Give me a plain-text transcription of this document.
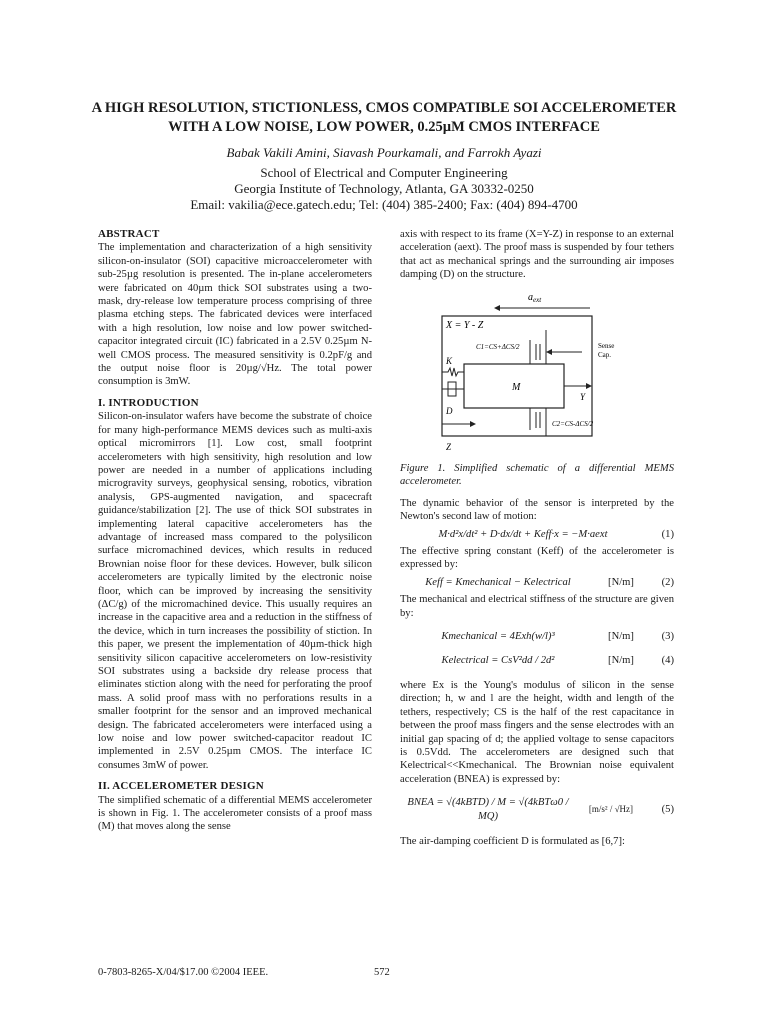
A HIGH RESOLUTION, STICTIONLESS, CMOS COMPATIBLE SOI ACCELEROMETER
WITH A LOW NOISE, LOW POWER, 0.25µM CMOS INTERFACE
Babak Vakili Amini, Siavash Pourkamali, and Farrokh Ayazi
School of Electrical and Computer Engineering
Georgia Institute of Technology, Atlanta, GA 30332-0250
Email: vakilia@ece.gatech.edu; Tel: (404) 385-2400; Fax: (404) 894-4700

ABSTRACT

The implementation and characterization of a high sensitivity silicon-on-insulator (SOI) capacitive microaccelerometer with sub-25µg resolution is presented. The in-plane accelerometers were fabricated on 40µm thick SOI substrates using a two-mask, dry-release low temperature process comprising of three plasma etching steps. The fabricated devices were interfaced with a high resolution, low noise and low power switched-capacitor integrated circuit (IC) fabricated in a 2.5V 0.25µm N-well CMOS process. The measured sensitivity is 0.2pF/g and the output noise floor is 20µg/√Hz. The total power consumption is 3mW.

I. INTRODUCTION

Silicon-on-insulator wafers have become the substrate of choice for many high-performance MEMS devices such as multi-axis optical micromirrors [1]. Low cost, small footprint accelerometers with high sensitivity, high resolution and low power are needed in a number of applications including microgravity surveys, geophysical sensing, robotics, vibration analysis, GPS-augmented navigation, and spacecraft guidance/stabilization [2]. The use of thick SOI substrates in implementing lateral capacitive accelerometers has the advantage of increased mass compared to the polysilicon surface micromachined devices, which results in reduced Brownian noise floor for these devices. However, bulk silicon accelerometers are typically limited by the electronic noise floor, which can be improved by increasing the sensitivity (ΔC/g) of the micromachined device. This usually requires an increase in the capacitive area and a reduction in the stiffness of the device, which in turn increases the possibility of stiction. In this paper, we present the implementation of 40µm-thick high sensitivity silicon capacitive accelerometers on low-resistivity SOI substrates using a backside dry release process that eliminates stiction along with the need for perforating the proof mass. A solid proof mass with no perforations results in a smaller footprint for the sensor and an improved mechanical design. The fabricated accelerometers were interfaced using a low noise and low power switched-capacitor readout IC implemented in 2.5V 0.25µm CMOS. The interface IC consumes 3mW of power.

II. ACCELEROMETER DESIGN

The simplified schematic of a differential MEMS accelerometer is shown in Fig. 1. The accelerometer consists of a proof mass (M) that moves along the sense

axis with respect to its frame (X=Y-Z) in response to an external acceleration (aext). The proof mass is suspended by four tethers that act as mechanical springs and the surrounding air imposes damping (D) on the structure.

$a_{ext}$
X = Y - Z
C1=CS+ΔCS/2
K
M
D
Sense
Cap.
Y
C2=CS-ΔCS/2
Z

Figure 1. Simplified schematic of a differential MEMS accelerometer.

The dynamic behavior of the sensor is interpreted by the Newton's second law of motion:

M·d²x/dt² + D·dx/dt + Keff·x = −M·aext	(1)

The effective spring constant (Keff) of the accelerometer is expressed by:

Keff = Kmechanical − Kelectrical	[N/m]	(2)

The mechanical and electrical stiffness of the structure are given by:

Kmechanical = 4Exh(w/l)³	[N/m]	(3)
Kelectrical = CsV²dd / 2d²	[N/m]	(4)

where Ex is the Young's modulus of silicon in the sense direction; h, w and l are the height, width and length of the tethers, respectively; CS is the half of the rest capacitance in between the proof mass fingers and the sense electrodes with an initial gap spacing of d; the applied voltage to sense capacitors is 0.5Vdd. The accelerometers are designed such that Kelectrical<<Kmechanical. The Brownian noise equivalent acceleration (BNEA) is expressed by:

BNEA = √(4kBTD) / M = √(4kBTω0 / MQ)
[m/s² / √Hz]	(5)

The air-damping coefficient D is formulated as [6,7]:

0-7803-8265-X/04/$17.00 ©2004 IEEE.	572
